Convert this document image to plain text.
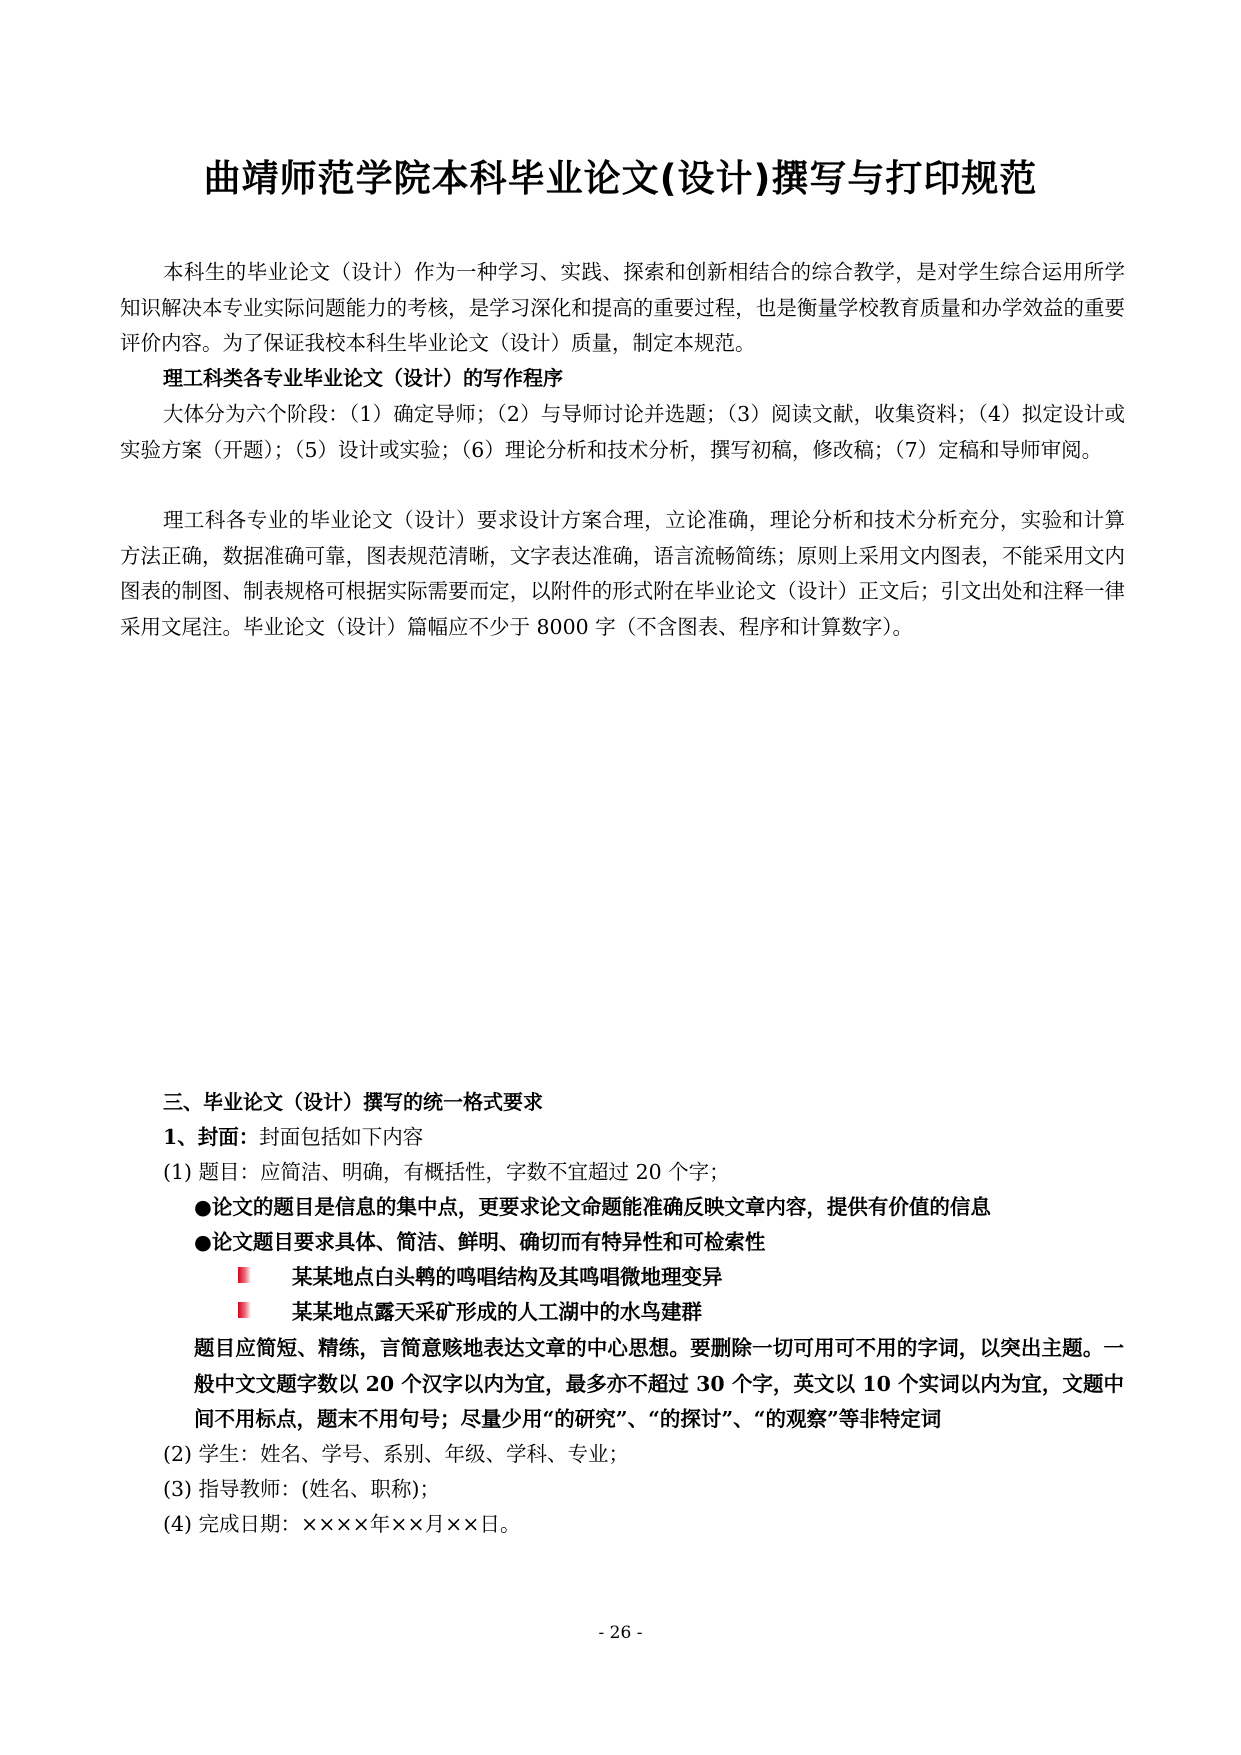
曲靖师范学院本科毕业论文(设计)撰写与打印规范

本科生的毕业论文（设计）作为一种学习、实践、探索和创新相结合的综合教学，是对学生综合运用所学知识解决本专业实际问题能力的考核，是学习深化和提高的重要过程，也是衡量学校教育质量和办学效益的重要评价内容。为了保证我校本科生毕业论文（设计）质量，制定本规范。

理工科类各专业毕业论文（设计）的写作程序

大体分为六个阶段：（1）确定导师；（2）与导师讨论并选题；（3）阅读文献，收集资料；（4）拟定设计或实验方案（开题）；（5）设计或实验；（6）理论分析和技术分析，撰写初稿，修改稿；（7）定稿和导师审阅。

理工科各专业的毕业论文（设计）要求设计方案合理，立论准确，理论分析和技术分析充分，实验和计算方法正确，数据准确可靠，图表规范清晰，文字表达准确，语言流畅简练；原则上采用文内图表，不能采用文内图表的制图、制表规格可根据实际需要而定，以附件的形式附在毕业论文（设计）正文后；引文出处和注释一律采用文尾注。毕业论文（设计）篇幅应不少于 8000 字（不含图表、程序和计算数字）。

三、毕业论文（设计）撰写的统一格式要求
1、封面：封面包括如下内容
(1) 题目：应简洁、明确，有概括性，字数不宜超过 20 个字；
●论文的题目是信息的集中点，更要求论文命题能准确反映文章内容，提供有价值的信息
●论文题目要求具体、简洁、鲜明、确切而有特异性和可检索性
某某地点白头鹎的鸣唱结构及其鸣唱微地理变异
某某地点露天采矿形成的人工湖中的水鸟建群

题目应简短、精练，言简意赅地表达文章的中心思想。要删除一切可用可不用的字词，以突出主题。一般中文文题字数以 20 个汉字以内为宜，最多亦不超过 30 个字，英文以 10 个实词以内为宜，文题中间不用标点，题末不用句号；尽量少用“的研究”、“的探讨”、“的观察”等非特定词

(2) 学生：姓名、学号、系别、年级、学科、专业；
(3) 指导教师：(姓名、职称)；
(4) 完成日期：××××年××月××日。
- 26 -
